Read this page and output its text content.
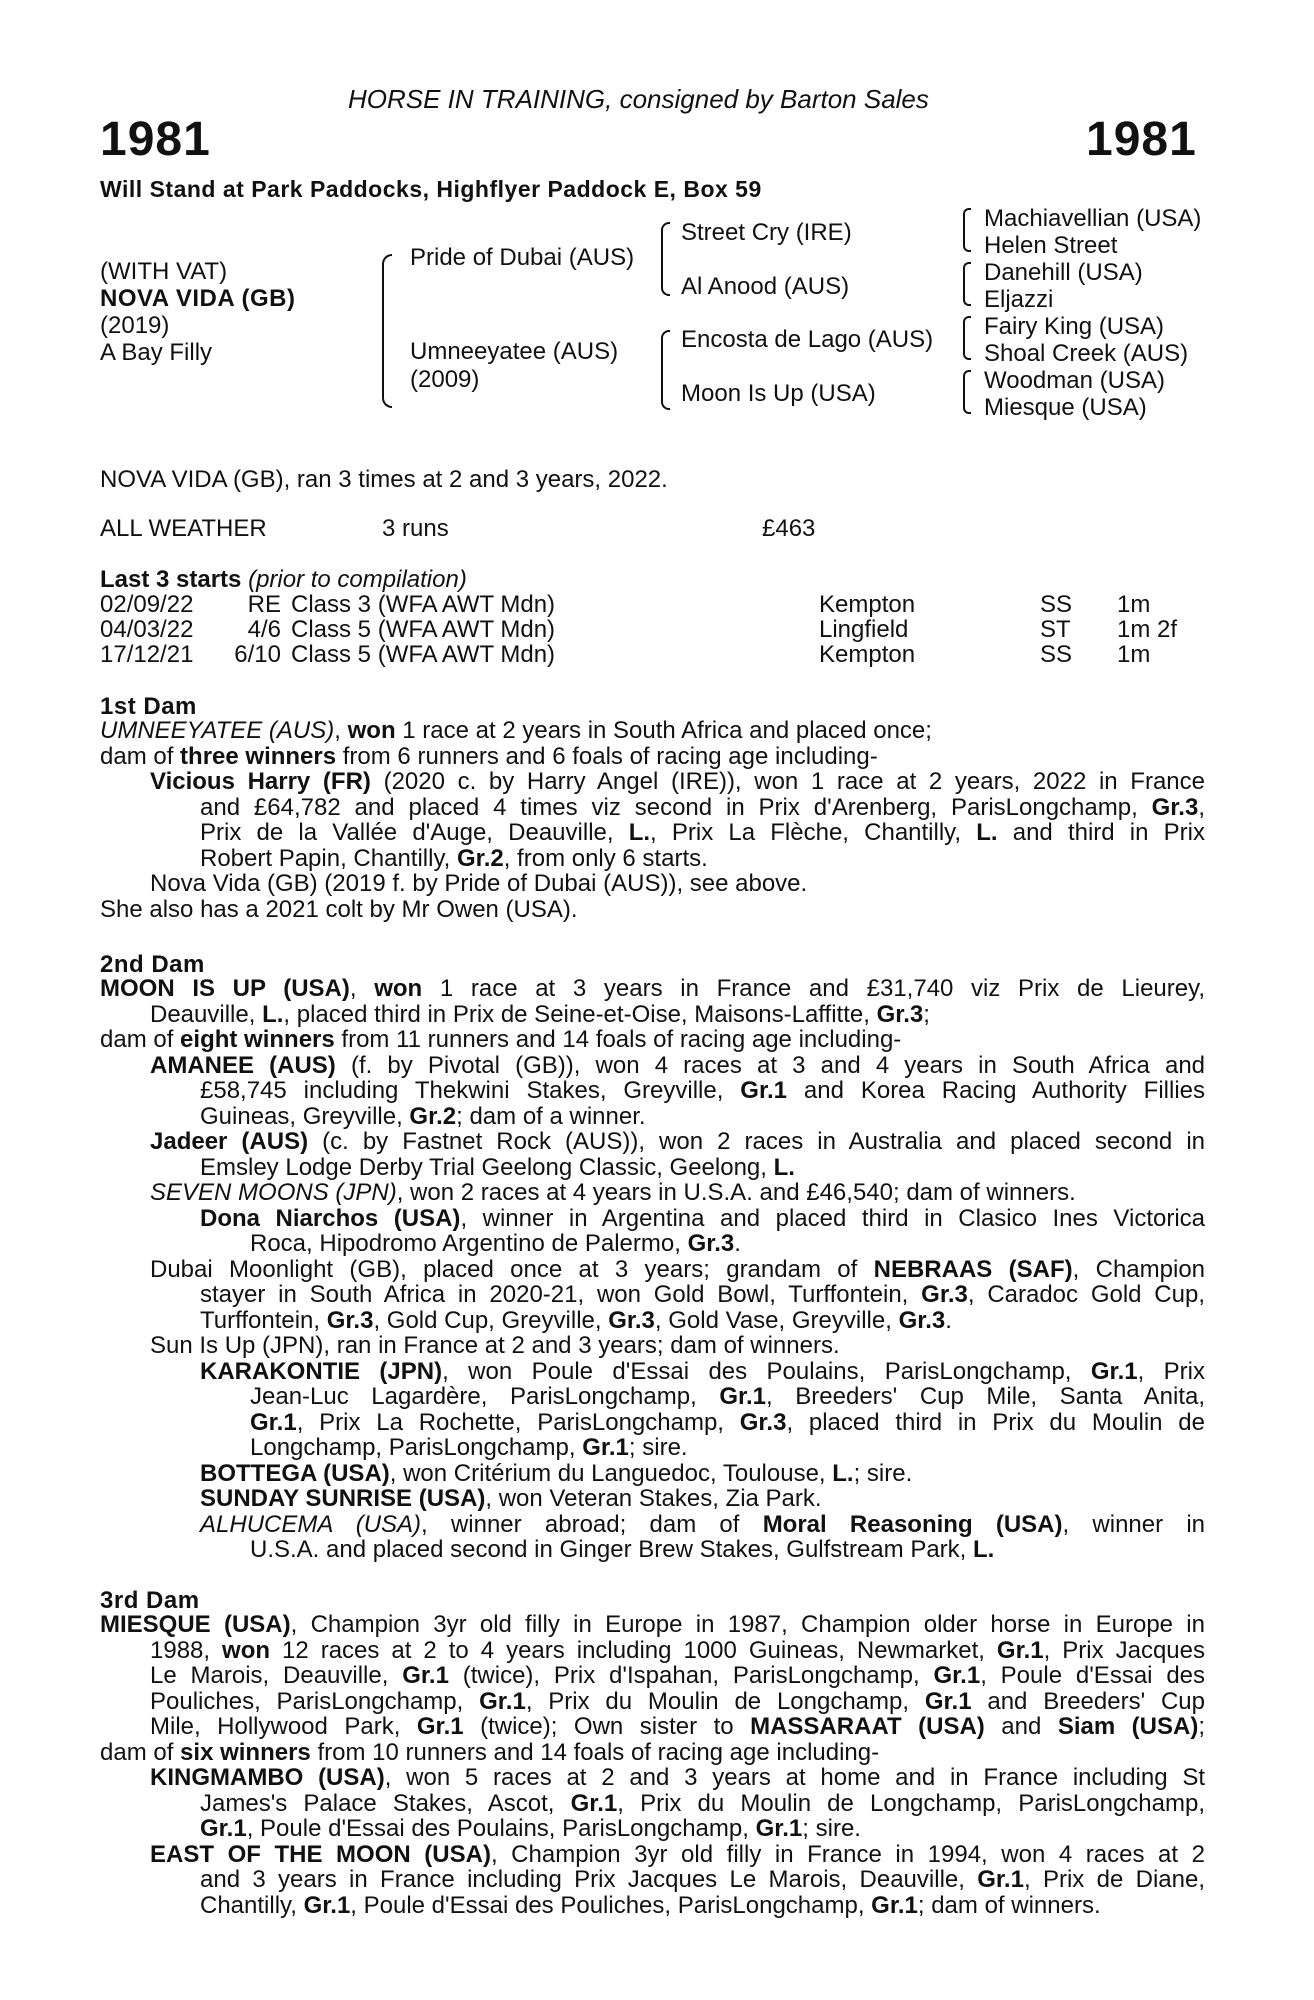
HORSE IN TRAINING, consigned by Barton Sales
1981	1981
Will Stand at Park Paddocks, Highflyer Paddock E, Box 59
(WITH VAT)
NOVA VIDA (GB)
(2019)
A Bay Filly
Pride of Dubai (AUS)
Umneeyatee (AUS)
(2009)
Street Cry (IRE)
Al Anood (AUS)
Encosta de Lago (AUS)
Moon Is Up (USA)
Machiavellian (USA)
Helen Street
Danehill (USA)
Eljazzi
Fairy King (USA)
Shoal Creek (AUS)
Woodman (USA)
Miesque (USA)
NOVA VIDA (GB), ran 3 times at 2 and 3 years, 2022.
ALL WEATHER	3 runs	£463
Last 3 starts (prior to compilation)
02/09/22	RE Class 3 (WFA AWT Mdn)	Kempton	SS 1m
04/03/22	4/6 Class 5 (WFA AWT Mdn)	Lingfield	ST 1m 2f
17/12/21 6/10 Class 5 (WFA AWT Mdn)	Kempton	SS 1m
1st Dam
UMNEEYATEE (AUS), won 1 race at 2 years in South Africa and placed once;
dam of three winners from 6 runners and 6 foals of racing age including-
Vicious Harry (FR) (2020 c. by Harry Angel (IRE)), won 1 race at 2 years, 2022 in France
and £64,782 and placed 4 times viz second in Prix d'Arenberg, ParisLongchamp, Gr.3,
Prix de la Vallée d'Auge, Deauville, L., Prix La Flèche, Chantilly, L. and third in Prix
Robert Papin, Chantilly, Gr.2, from only 6 starts.
Nova Vida (GB) (2019 f. by Pride of Dubai (AUS)), see above.
She also has a 2021 colt by Mr Owen (USA).
2nd Dam
MOON IS UP (USA), won 1 race at 3 years in France and £31,740 viz Prix de Lieurey,
Deauville, L., placed third in Prix de Seine-et-Oise, Maisons-Laffitte, Gr.3;
dam of eight winners from 11 runners and 14 foals of racing age including-
AMANEE (AUS) (f. by Pivotal (GB)), won 4 races at 3 and 4 years in South Africa and
£58,745 including Thekwini Stakes, Greyville, Gr.1 and Korea Racing Authority Fillies
Guineas, Greyville, Gr.2; dam of a winner.
Jadeer (AUS) (c. by Fastnet Rock (AUS)), won 2 races in Australia and placed second in
Emsley Lodge Derby Trial Geelong Classic, Geelong, L.
SEVEN MOONS (JPN), won 2 races at 4 years in U.S.A. and £46,540; dam of winners.
Dona Niarchos (USA), winner in Argentina and placed third in Clasico Ines Victorica
Roca, Hipodromo Argentino de Palermo, Gr.3.
Dubai Moonlight (GB), placed once at 3 years; grandam of NEBRAAS (SAF), Champion
stayer in South Africa in 2020-21, won Gold Bowl, Turffontein, Gr.3, Caradoc Gold Cup,
Turffontein, Gr.3, Gold Cup, Greyville, Gr.3, Gold Vase, Greyville, Gr.3.
Sun Is Up (JPN), ran in France at 2 and 3 years; dam of winners.
KARAKONTIE (JPN), won Poule d'Essai des Poulains, ParisLongchamp, Gr.1, Prix
Jean-Luc Lagardère, ParisLongchamp, Gr.1, Breeders' Cup Mile, Santa Anita,
Gr.1, Prix La Rochette, ParisLongchamp, Gr.3, placed third in Prix du Moulin de
Longchamp, ParisLongchamp, Gr.1; sire.
BOTTEGA (USA), won Critérium du Languedoc, Toulouse, L.; sire.
SUNDAY SUNRISE (USA), won Veteran Stakes, Zia Park.
ALHUCEMA (USA), winner abroad; dam of Moral Reasoning (USA), winner in
U.S.A. and placed second in Ginger Brew Stakes, Gulfstream Park, L.
3rd Dam
MIESQUE (USA), Champion 3yr old filly in Europe in 1987, Champion older horse in Europe in
1988, won 12 races at 2 to 4 years including 1000 Guineas, Newmarket, Gr.1, Prix Jacques
Le Marois, Deauville, Gr.1 (twice), Prix d'Ispahan, ParisLongchamp, Gr.1, Poule d'Essai des
Pouliches, ParisLongchamp, Gr.1, Prix du Moulin de Longchamp, Gr.1 and Breeders' Cup
Mile, Hollywood Park, Gr.1 (twice); Own sister to MASSARAAT (USA) and Siam (USA);
dam of six winners from 10 runners and 14 foals of racing age including-
KINGMAMBO (USA), won 5 races at 2 and 3 years at home and in France including St
James's Palace Stakes, Ascot, Gr.1, Prix du Moulin de Longchamp, ParisLongchamp,
Gr.1, Poule d'Essai des Poulains, ParisLongchamp, Gr.1; sire.
EAST OF THE MOON (USA), Champion 3yr old filly in France in 1994, won 4 races at 2
and 3 years in France including Prix Jacques Le Marois, Deauville, Gr.1, Prix de Diane,
Chantilly, Gr.1, Poule d'Essai des Pouliches, ParisLongchamp, Gr.1; dam of winners.
